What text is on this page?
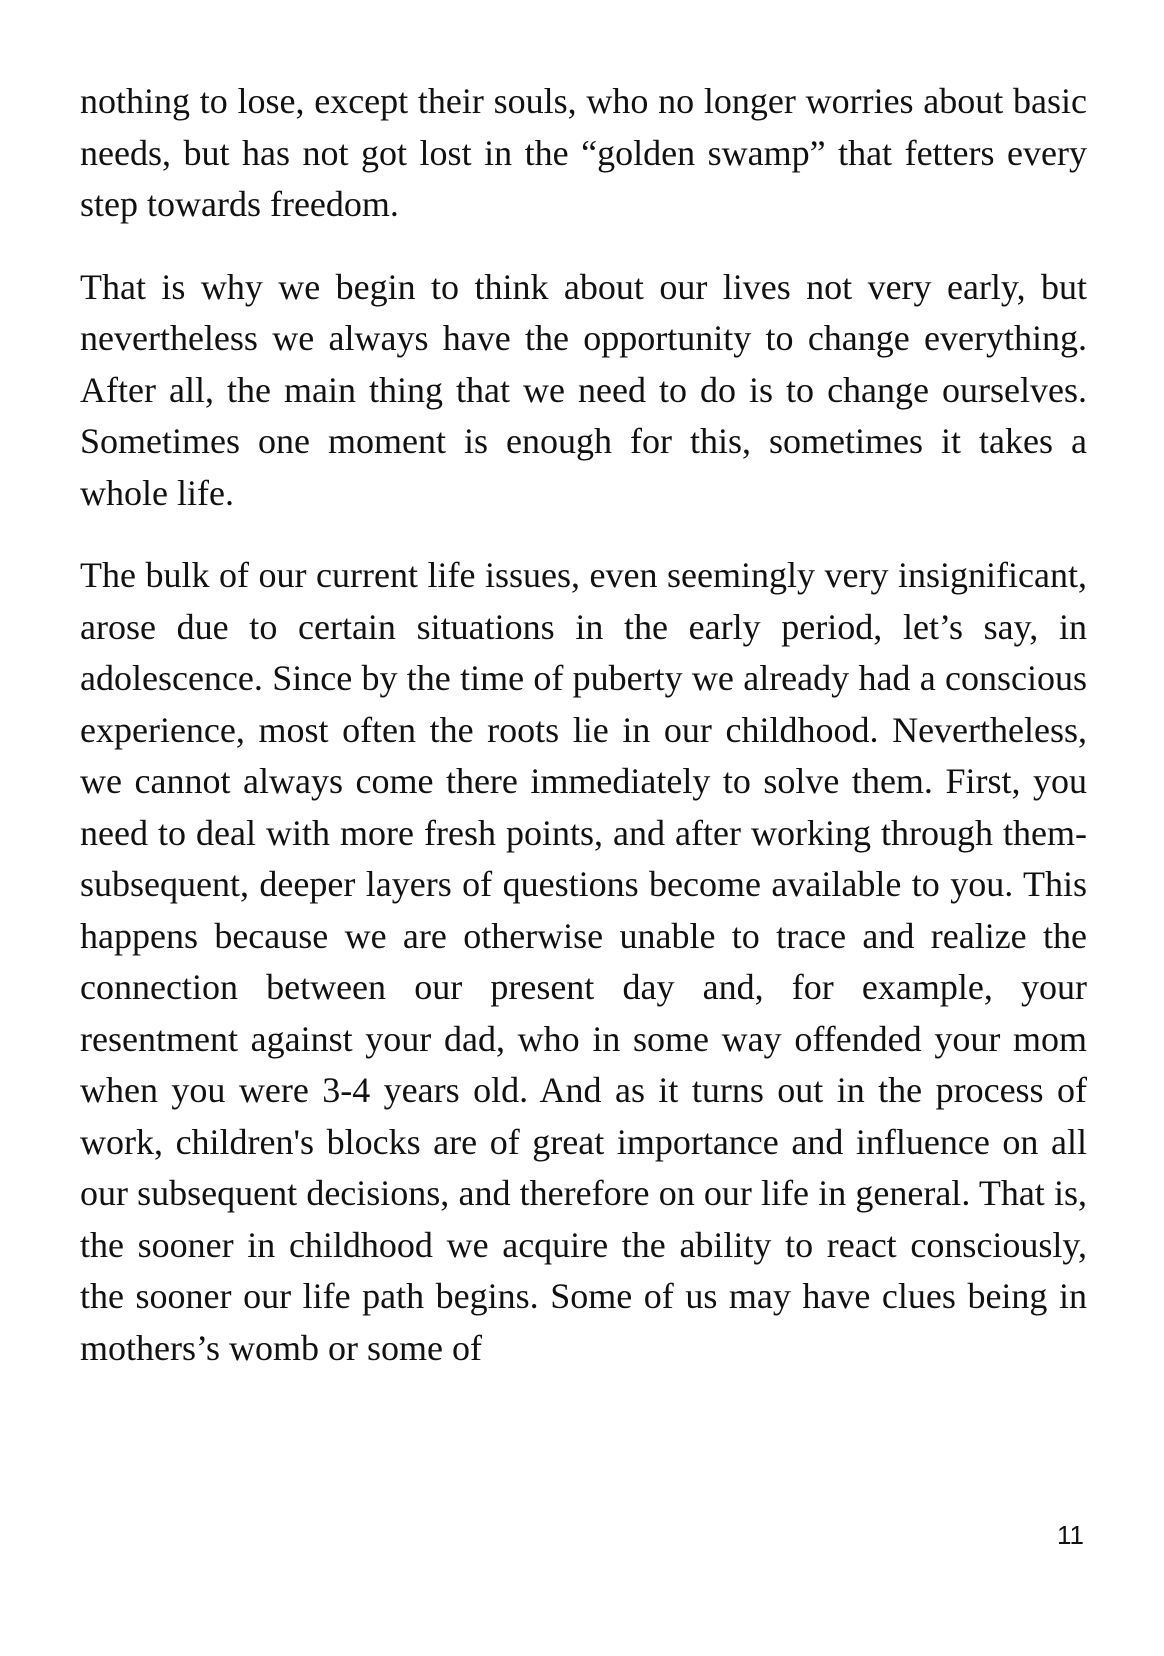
nothing to lose, except their souls, who no longer worries about basic needs, but has not got lost in the “golden swamp” that fetters every step towards freedom.

That is why we begin to think about our lives not very early, but nevertheless we always have the opportunity to change everything. After all, the main thing that we need to do is to change ourselves. Sometimes one moment is enough for this, sometimes it takes a whole life.

The bulk of our current life issues, even seemingly very insignificant, arose due to certain situations in the early period, let’s say, in adolescence. Since by the time of puberty we already had a conscious experience, most often the roots lie in our childhood. Nevertheless, we cannot always come there immediately to solve them. First, you need to deal with more fresh points, and after working through them- subsequent, deeper layers of questions become available to you. This happens because we are otherwise unable to trace and realize the connection between our present day and, for example, your resentment against your dad, who in some way offended your mom when you were 3-4 years old. And as it turns out in the process of work, children's blocks are of great importance and influence on all our subsequent decisions, and therefore on our life in general. That is, the sooner in childhood we acquire the ability to react consciously, the sooner our life path begins. Some of us may have clues being in mothers’s womb or some of

11
